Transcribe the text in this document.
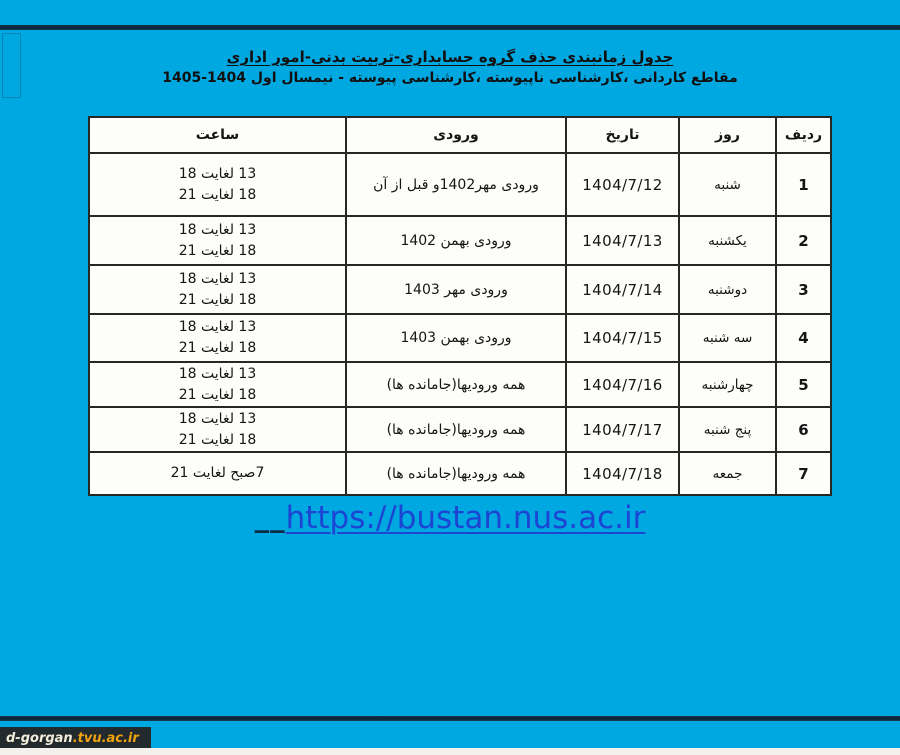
جدول زمانبندی حذف گروه حسابداری-تربیت بدنی-امور اداری
مقاطع کاردانی ،کارشناسی ناپیوسته ،کارشناسی پیوسته - نیمسال اول 1404-1405
ردیف	روز	تاریخ	ورودی	ساعت
1	شنبه	1404/7/12	ورودی مهر1402و قبل از آن	13 لغایت 18
18 لغایت 21

2	یکشنبه	1404/7/13	ورودی بهمن 1402	13 لغایت 18
18 لغایت 21

3	دوشنبه	1404/7/14	ورودی مهر 1403	13 لغایت 18
18 لغایت 21

4	سه شنبه	1404/7/15	ورودی بهمن 1403	13 لغایت 18
18 لغایت 21

5	چهارشنبه	1404/7/16	همه ورودیها(جامانده ها)	13 لغایت 18
18 لغایت 21

6	پنج شنبه	1404/7/17	همه ورودیها(جامانده ها)	13 لغایت 18
18 لغایت 21

7	جمعه	1404/7/18	همه ورودیها(جامانده ها)	7صبح لغایت 21
__https://bustan.nus.ac.ir
d-gorgan .tvu.ac.ir
